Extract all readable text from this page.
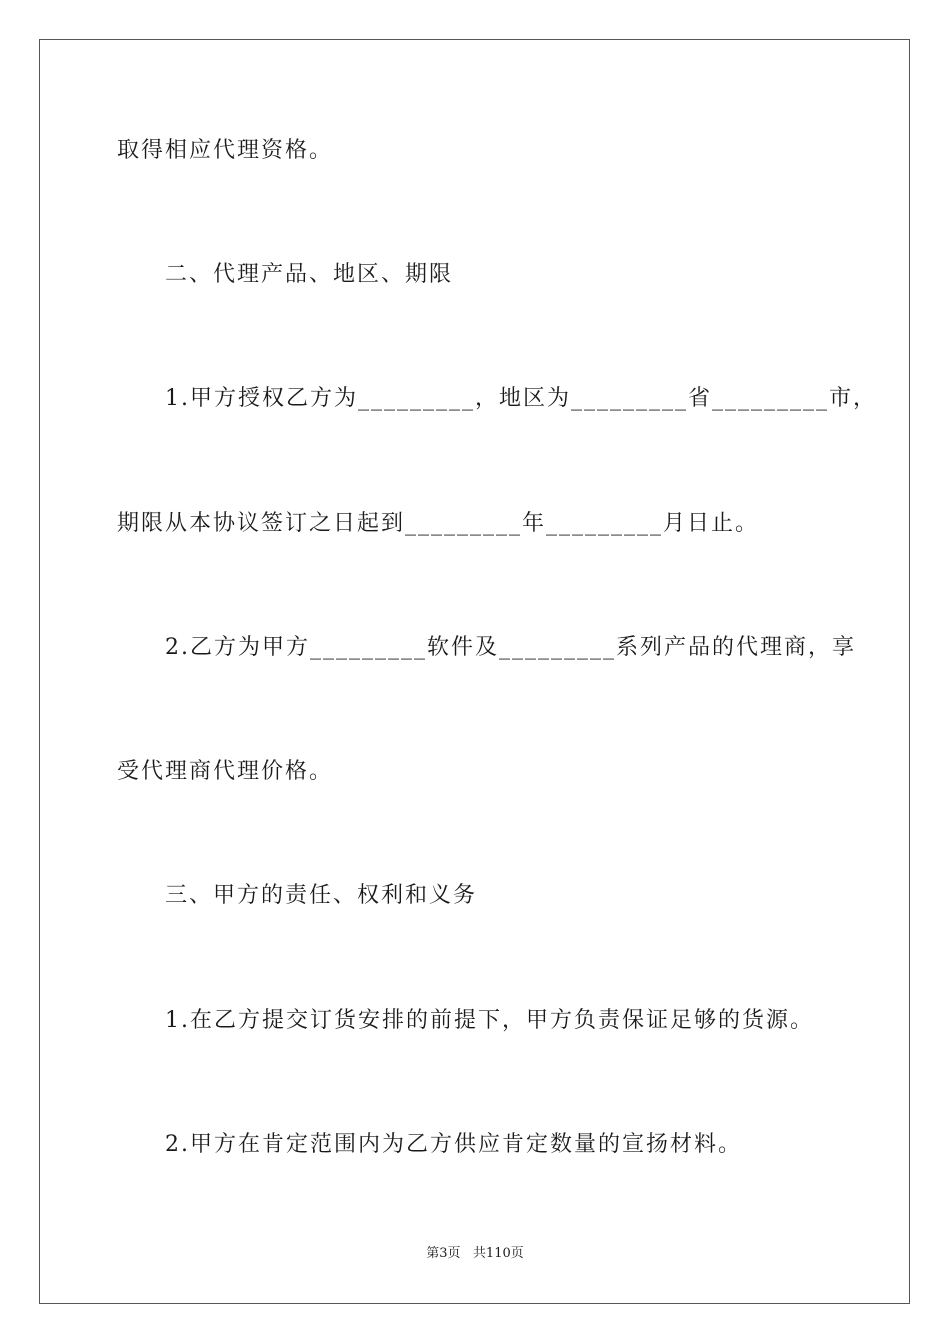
取得相应代理资格。
二、代理产品、地区、期限
1.甲方授权乙方为_________，地区为_________省_________市，
期限从本协议签订之日起到_________年_________月日止。
2.乙方为甲方_________软件及_________系列产品的代理商，享
受代理商代理价格。
三、甲方的责任、权利和义务
1.在乙方提交订货安排的前提下，甲方负责保证足够的货源。
2.甲方在肯定范围内为乙方供应肯定数量的宣扬材料。
第3页   共110页
